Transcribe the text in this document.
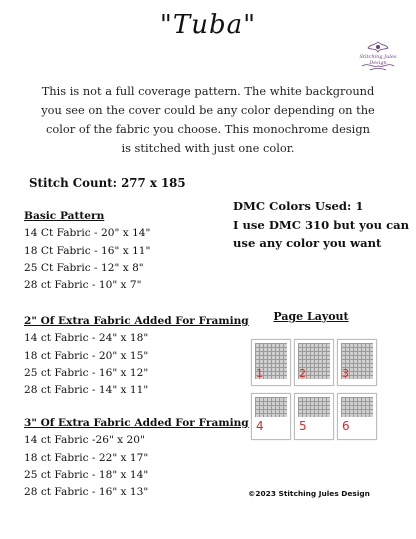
"Tuba"
Stitching Jules Design
This is not a full coverage pattern. The white background you see on the cover could be any color depending on the color of the fabric you choose. This monochrome design is stitched with just one color.
Stitch Count: 277 x 185
Basic Pattern
14 Ct Fabric - 20" x 14"
18 Ct Fabric - 16" x 11"
25 Ct Fabric - 12" x 8"
28 ct Fabric - 10" x 7"
2" Of Extra Fabric Added For Framing
14 ct Fabric - 24" x 18"
18 ct Fabric - 20" x 15"
25 ct Fabric - 16" x 12"
28 ct Fabric - 14" x 11"
3" Of Extra Fabric Added For Framing
14 ct Fabric -26" x 20"
18 ct Fabric - 22" x 17"
25 ct Fabric - 18" x 14"
28 ct Fabric - 16" x 13"
DMC Colors Used: 1
I use DMC 310 but you can
use any color you want
Page Layout
1	2	3
4	5	6
©2023 Stitching Jules Design
